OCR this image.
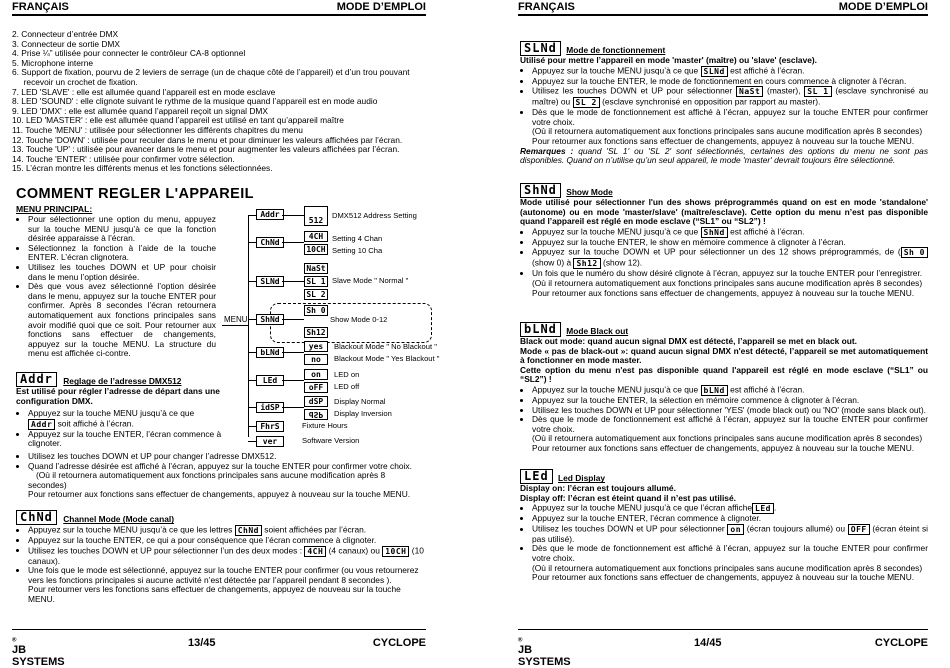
FRANÇAIS	MODE D’EMPLOI
2. Connecteur d’entrée DMX
3. Connecteur de sortie DMX
4. Prise ¼” utilisée pour connecter le contrôleur CA-8 optionnel
5. Microphone interne
6. Support de fixation, pourvu de 2 leviers de serrage (un de chaque côté de l’appareil) et d’un trou pouvant
recevoir un crochet de fixation.
7. LED 'SLAVE' : elle est allumée quand l’appareil est en mode esclave
8. LED 'SOUND' : elle clignote suivant le rythme de la musique quand l’appareil est en mode audio
9. LED 'DMX' : elle est allumée quand l’appareil reçoit un signal DMX
10. LED 'MASTER' : elle est allumée quand l’appareil est utilisé en tant qu’appareil maître
11. Touche 'MENU' : utilisée pour sélectionner les différents chapitres du menu
12. Touche 'DOWN' : utilisée pour reculer dans le menu et pour diminuer les valeurs affichées par l’écran.
13. Touche 'UP' : utilisée pour avancer dans le menu et pour augmenter les valeurs affichées par l’écran.
14. Touche 'ENTER' : utilisée pour confirmer votre sélection.
15. L’écran montre les différents menus et les fonctions sélectionnées.
COMMENT REGLER L'APPAREIL
MENU PRINCIPAL:
• Pour sélectionner une option du menu, appuyez sur la touche MENU jusqu’à ce que la fonction désirée apparaisse à l’écran.
• Sélectionnez la fonction à l’aide de la touche ENTER. L’écran clignotera.
• Utilisez les touches DOWN et UP pour choisir dans le menu l’option désirée.
• Dès que vous avez sélectionné l’option désirée dans le menu, appuyez sur la touche ENTER pour confirmer. Après 8 secondes l’écran retournera automatiquement aux fonctions principales sans avoir modifié quoi que ce soit. Pour retourner aux fonctions sans effectuer de changements, appuyez sur la touche MENU. La structure du menu est affichée ci-contre.
MENU
Addr
512
DMX512 Address Setting
ChNd
4CH
10CH
Setting 4 Chan
Setting 10 Cha
SLNd
NaSt
SL 1
SL 2
Slave Mode " Normal "
ShNd
Sh 0
Sh12
Show Mode 0-12
bLNd
yes
no
Blackout Mode " No Blackout "
Blackout Mode " Yes Blackout "
LEd
on
oFF
LED on
LED off
idSP
dSP
dSP
Display Normal
Display Inversion
FhrS	Fixture Hours
ver	Software Version
Addr Reglage de l’adresse DMX512
Est utilisé pour régler l’adresse de départ dans une configuration DMX.
• Appuyez sur la touche MENU jusqu’à ce que
Addr soit affiché à l’écran.
• Appuyez sur la touche ENTER, l’écran commence à clignoter.
• Utilisez les touches DOWN et UP pour changer l’adresse DMX512.
• Quand l’adresse désirée est affiché à l’écran, appuyez sur la touche ENTER pour confirmer votre choix.
(Où il retournera automatiquement aux fonctions principales sans aucune modification après 8 secondes)
Pour retourner aux fonctions sans effectuer de changements, appuyez à nouveau sur la touche MENU.
ChNd Channel Mode (Mode canal)
• Appuyez sur la touche MENU jusqu’à ce que les lettres ChNd soient affichées par l’écran.
• Appuyez sur la touche ENTER, ce qui a pour conséquence que l’écran commence à clignoter.
• Utilisez les touches DOWN et UP pour sélectionner l’un des deux modes : 4CH (4 canaux) ou 10CH (10 canaux).
• Une fois que le mode est sélectionné, appuyez sur la touche ENTER pour confirmer (ou vous retournerez vers les fonctions principales si aucune activité n’est détectée par l’appareil pendant 8 secondes ).
Pour retourner vers les fonctions sans effectuer de changements, appuyez de nouveau sur la touche MENU.
JB SYSTEMS
®	13/45	CYCLOPE
FRANÇAIS	MODE D’EMPLOI
SLNd Mode de fonctionnement
Utilisé pour mettre l’appareil en mode 'master' (maître) ou 'slave' (esclave).
• Appuyez sur la touche MENU jusqu’à ce que SLNd est affiché à l’écran.
• Appuyez sur la touche ENTER, le mode de fonctionnement en cours commence à clignoter à l’écran.
• Utilisez les touches DOWN et UP pour sélectionner NaSt (master), SL 1 (esclave synchronisé au maître) ou SL 2 (esclave synchronisé en opposition par rapport au master).
• Dès que le mode de fonctionnement est affiché à l’écran, appuyez sur la touche ENTER pour confirmer votre choix.
(Où il retournera automatiquement aux fonctions principales sans aucune modification après 8 secondes)
Pour retourner aux fonctions sans effectuer de changements, appuyez à nouveau sur la touche MENU.
Remarques : quand 'SL 1' ou 'SL 2' sont sélectionnés, certaines des options du menu ne sont pas disponibles. Quand on n’utilise qu’un seul appareil, le mode 'master' devrait toujours être sélectionné.
ShNd Show Mode
Mode utilisé pour sélectionner l'un des shows préprogrammés quand on est en mode 'standalone' (autonome) ou en mode 'master/slave' (maître/esclave). Cette option du menu n’est pas disponible quand l’appareil est réglé en mode esclave (“SL1” ou “SL2”) !
• Appuyez sur la touche MENU jusqu’à ce que ShNd est affiché à l’écran.
• Appuyez sur la touche ENTER, le show en mémoire commence à clignoter à l’écran.
• Appuyez sur la touche DOWN et UP pour sélectionner un des 12 shows préprogrammés, de ( Sh 0 (show 0) à Sh12 (show 12).
• Un fois que le numéro du show désiré clignote à l’écran, appuyez sur la touche ENTER pour l’enregistrer.
(Où il retournera automatiquement aux fonctions principales sans aucune modification après 8 secondes)
Pour retourner aux fonctions sans effectuer de changements, appuyez à nouveau sur la touche MENU.
bLNd Mode Black out
Black out mode: quand aucun signal DMX est détecté, l’appareil se met en black out.
Mode « pas de black-out »: quand aucun signal DMX n'est détecté, l’appareil se met automatiquement à fonctionner en mode master.
Cette option du menu n'est pas disponible quand l'appareil est réglé en mode esclave (“SL1” ou “SL2”) !
• Appuyez sur la touche MENU jusqu’à ce que bLNd est affiché à l’écran.
• Appuyez sur la touche ENTER, la sélection en mémoire commence à clignoter à l’écran.
• Utilisez les touches DOWN et UP pour sélectionner 'YES' (mode black out) ou 'NO' (mode sans black out).
• Dès que le mode de fonctionnement est affiché à l’écran, appuyez sur la touche ENTER pour confirmer votre choix.
(Où il retournera automatiquement aux fonctions principales sans aucune modification après 8 secondes)
Pour retourner aux fonctions sans effectuer de changements, appuyez à nouveau sur la touche MENU.
LEd Led Display
Display on: l’écran est toujours allumé.
Display off: l’écran est éteint quand il n’est pas utilisé.
• Appuyez sur la touche MENU jusqu’à ce que l’écran affiche LEd .
• Appuyez sur la touche ENTER, l’écran commence à clignoter.
• Utilisez les touches DOWN et UP pour sélectionner on (écran toujours allumé) ou OFF (écran éteint si pas utilisé).
• Dès que le mode de fonctionnement est affiché à l’écran, appuyez sur la touche ENTER pour confirmer votre choix.
(Où il retournera automatiquement aux fonctions principales sans aucune modification après 8 secondes)
Pour retourner aux fonctions sans effectuer de changements, appuyez à nouveau sur la touche MENU.
JB SYSTEMS
®	14/45	CYCLOPE
